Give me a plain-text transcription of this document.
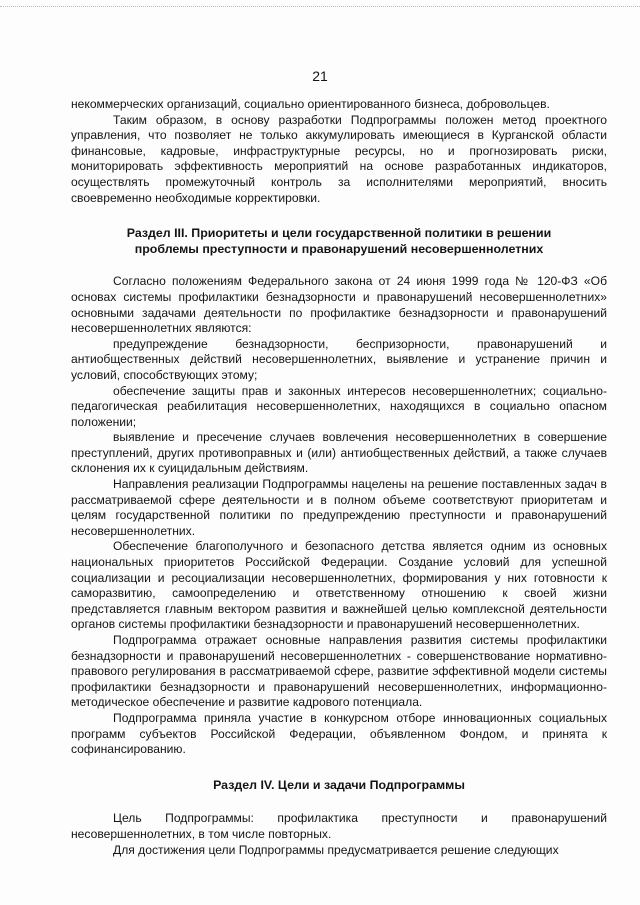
21

некоммерческих организаций, социально ориентированного бизнеса, добровольцев.

Таким образом, в основу разработки Подпрограммы положен метод проектного управления, что позволяет не только аккумулировать имеющиеся в Курганской области финансовые, кадровые, инфраструктурные ресурсы, но и прогнозировать риски, мониторировать эффективность мероприятий на основе разработанных индикаторов, осуществлять промежуточный контроль за исполнителями мероприятий, вносить своевременно необходимые корректировки.

Раздел III. Приоритеты и цели государственной политики в решении
проблемы преступности и правонарушений несовершеннолетних

Согласно положениям Федерального закона от 24 июня 1999 года № 120-ФЗ «Об основах системы профилактики безнадзорности и правонарушений несовершеннолетних» основными задачами деятельности по профилактике безнадзорности и правонарушений несовершеннолетних являются:

предупреждение безнадзорности, беспризорности, правонарушений и антиобщественных действий несовершеннолетних, выявление и устранение причин и условий, способствующих этому;

обеспечение защиты прав и законных интересов несовершеннолетних; социально-педагогическая реабилитация несовершеннолетних, находящихся в социально опасном положении;

выявление и пресечение случаев вовлечения несовершеннолетних в совершение преступлений, других противоправных и (или) антиобщественных действий, а также случаев склонения их к суицидальным действиям.

Направления реализации Подпрограммы нацелены на решение поставленных задач в рассматриваемой сфере деятельности и в полном объеме соответствуют приоритетам и целям государственной политики по предупреждению преступности и правонарушений несовершеннолетних.

Обеспечение благополучного и безопасного детства является одним из основных национальных приоритетов Российской Федерации. Создание условий для успешной социализации и ресоциализации несовершеннолетних, формирования у них готовности к саморазвитию, самоопределению и ответственному отношению к своей жизни представляется главным вектором развития и важнейшей целью комплексной деятельности органов системы профилактики безнадзорности и правонарушений несовершеннолетних.

Подпрограмма отражает основные направления развития системы профилактики безнадзорности и правонарушений несовершеннолетних - совершенствование нормативно-правового регулирования в рассматриваемой сфере, развитие эффективной модели системы профилактики безнадзорности и правонарушений несовершеннолетних, информационно-методическое обеспечение и развитие кадрового потенциала.

Подпрограмма приняла участие в конкурсном отборе инновационных социальных программ субъектов Российской Федерации, объявленном Фондом, и принята к софинансированию.

Раздел IV. Цели и задачи Подпрограммы

Цель Подпрограммы: профилактика преступности и правонарушений несовершеннолетних, в том числе повторных.

Для достижения цели Подпрограммы предусматривается решение следующих
